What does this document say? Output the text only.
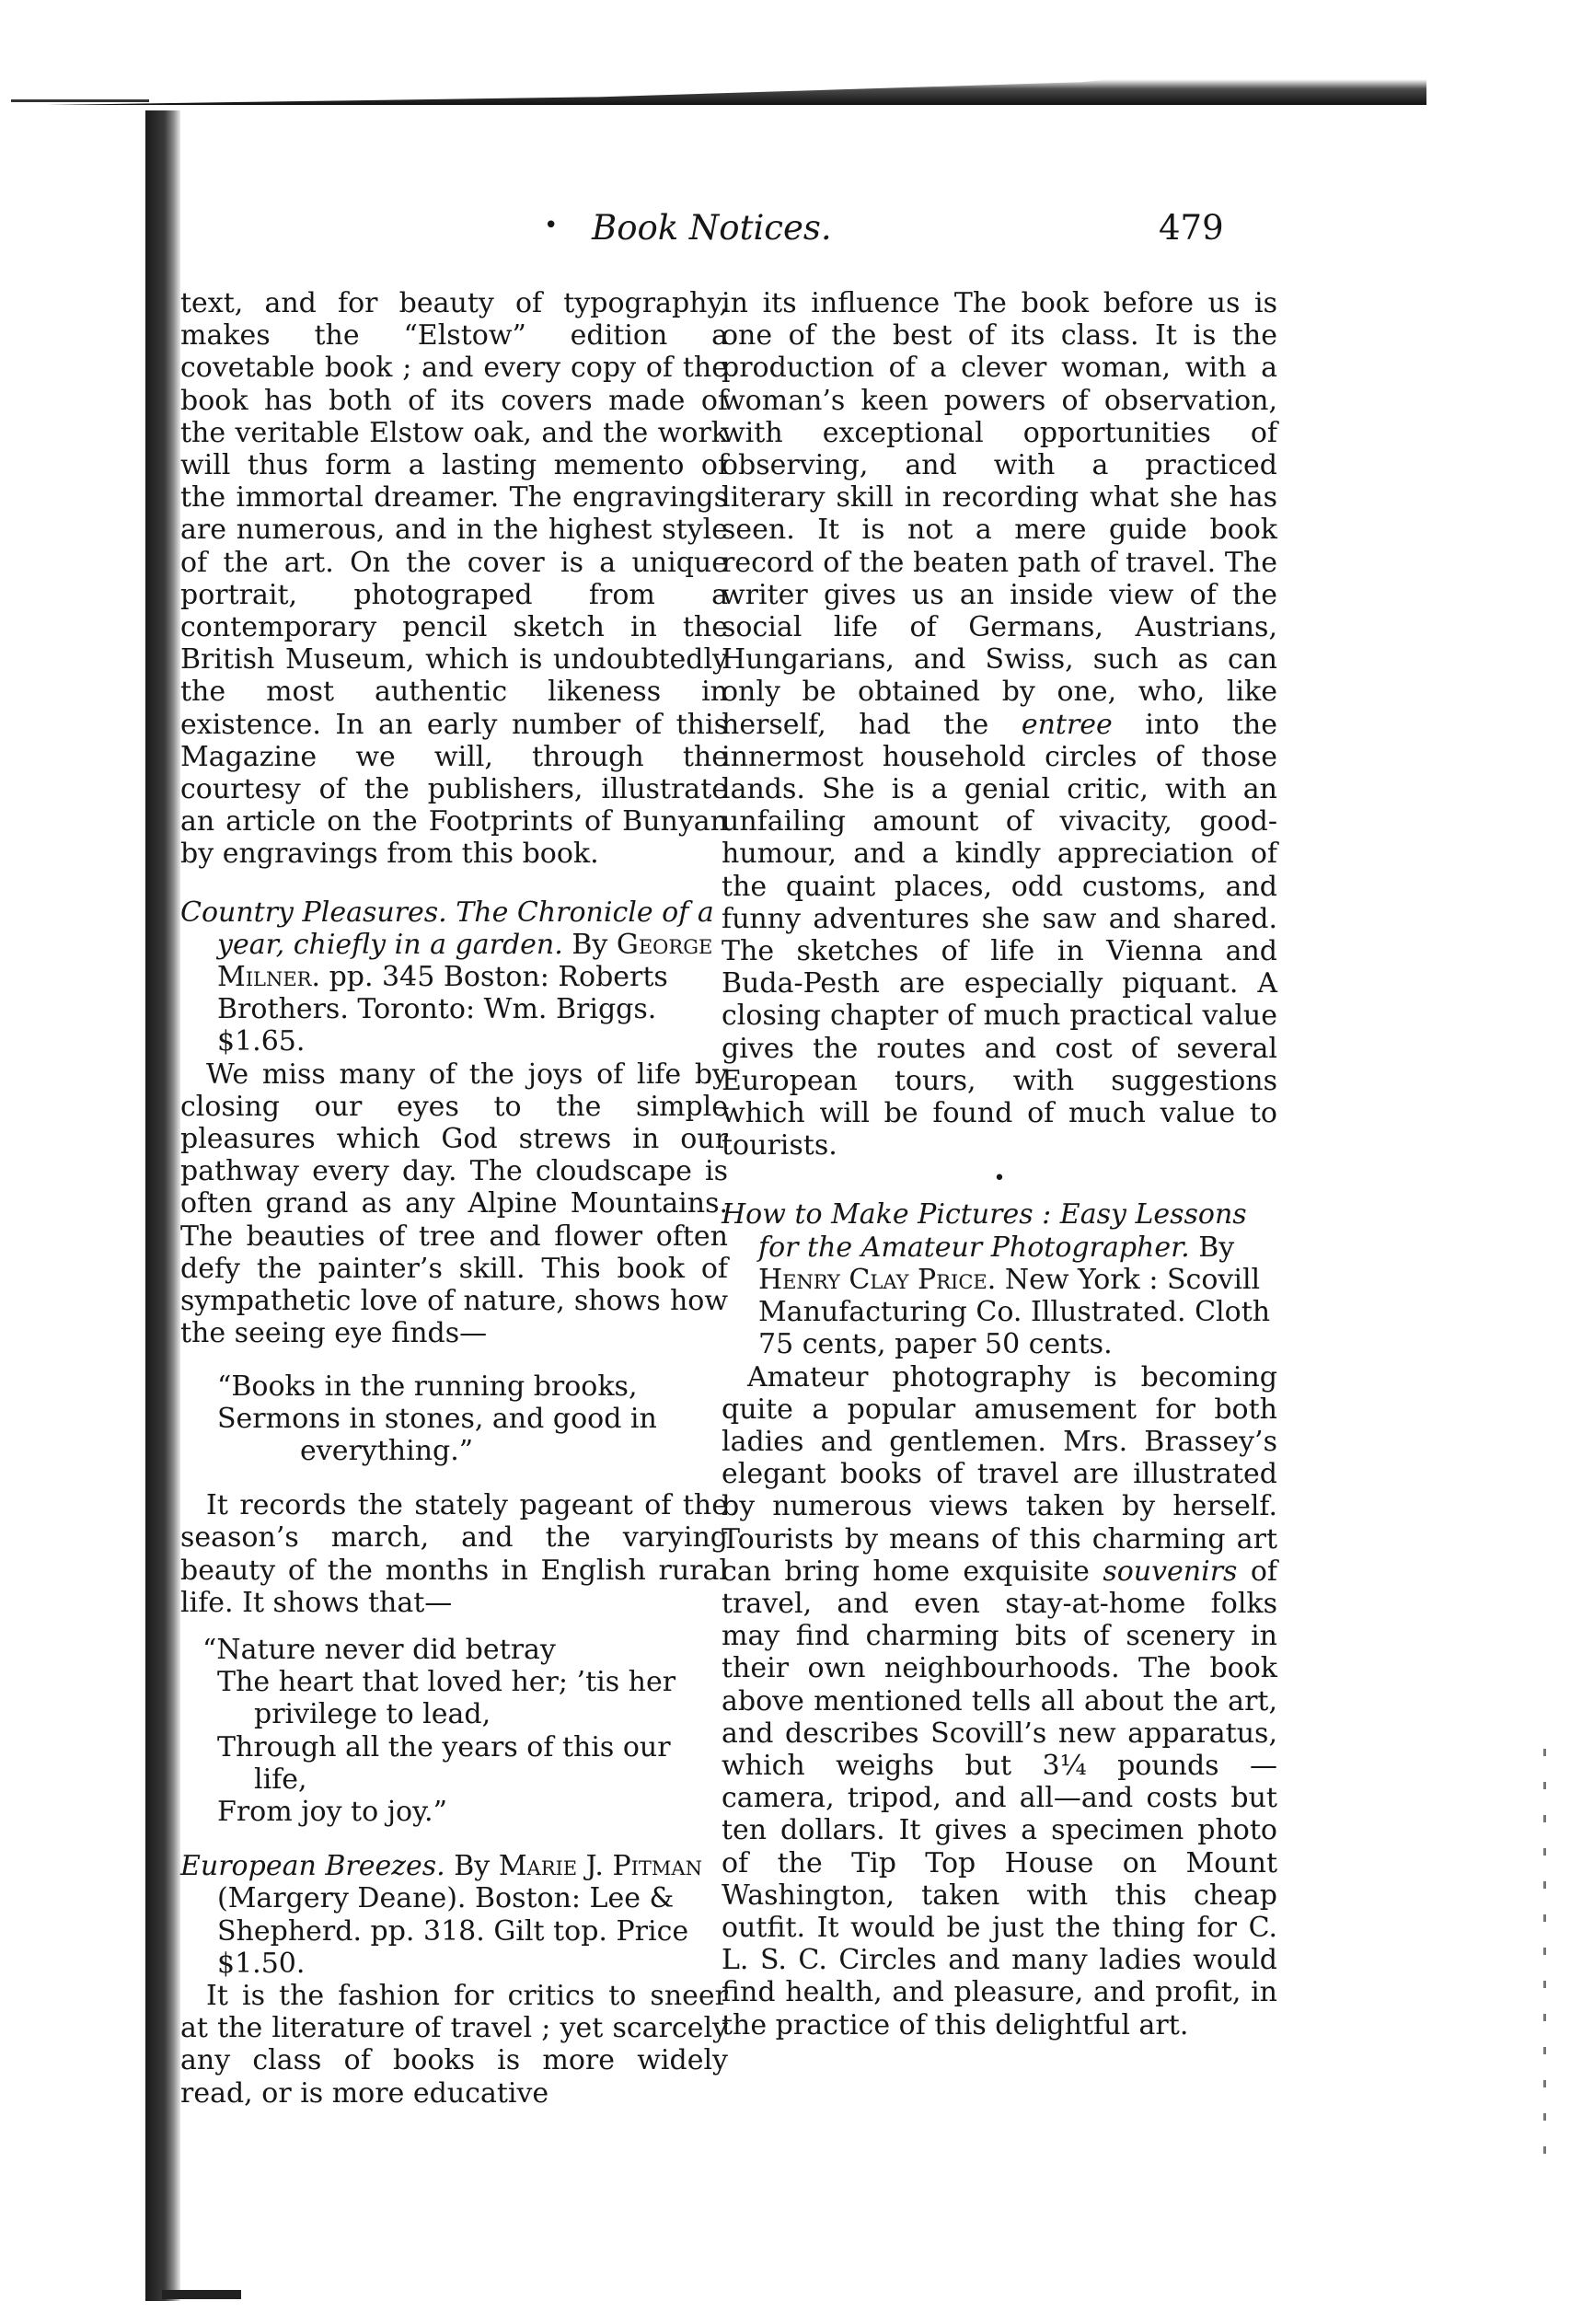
• Book Notices.	479

text, and for beauty of typography, makes the “Elstow” edition a covetable book ; and every copy of the book has both of its covers made of the veritable Elstow oak, and the work will thus form a lasting memento of the immortal dreamer. The engravings are numerous, and in the highest style of the art. On the cover is a unique portrait, photograped from a contemporary pencil sketch in the British Museum, which is undoubtedly the most authentic likeness in existence. In an early number of this Magazine we will, through the courtesy of the publishers, illustrate an article on the Footprints of Bunyan by engravings from this book.

Country Pleasures. The Chronicle of a year, chiefly in a garden. By George Milner. pp. 345 Boston: Roberts Brothers. Toronto: Wm. Briggs. $1.65.

We miss many of the joys of life by closing our eyes to the simple pleasures which God strews in our pathway every day. The cloudscape is often grand as any Alpine Mountains. The beauties of tree and flower often defy the painter’s skill. This book of sympathetic love of nature, shows how the seeing eye finds—

“Books in the running brooks,
Sermons in stones, and good in everything.”

It records the stately pageant of the season’s march, and the varying beauty of the months in English rural life. It shows that—

“Nature never did betray
The heart that loved her; ’tis her privilege to lead,
Through all the years of this our life,
From joy to joy.”

European Breezes. By Marie J. Pitman (Margery Deane). Boston: Lee & Shepherd. pp. 318. Gilt top. Price $1.50.

It is the fashion for critics to sneer at the literature of travel ; yet scarcely any class of books is more widely read, or is more educative

in its influence The book before us is one of the best of its class. It is the production of a clever woman, with a woman’s keen powers of observation, with exceptional opportunities of observing, and with a practiced literary skill in recording what she has seen. It is not a mere guide book record of the beaten path of travel. The writer gives us an inside view of the social life of Germans, Austrians, Hungarians, and Swiss, such as can only be obtained by one, who, like herself, had the entree into the innermost household circles of those lands. She is a genial critic, with an unfailing amount of vivacity, good-humour, and a kindly appreciation of the quaint places, odd customs, and funny adventures she saw and shared. The sketches of life in Vienna and Buda-Pesth are especially piquant. A closing chapter of much practical value gives the routes and cost of several European tours, with suggestions which will be found of much value to tourists.

•

How to Make Pictures : Easy Lessons for the Amateur Photographer. By Henry Clay Price. New York : Scovill Manufacturing Co. Illustrated. Cloth 75 cents, paper 50 cents.

Amateur photography is becoming quite a popular amusement for both ladies and gentlemen. Mrs. Brassey’s elegant books of travel are illustrated by numerous views taken by herself. Tourists by means of this charming art can bring home exquisite souvenirs of travel, and even stay-at-home folks may find charming bits of scenery in their own neighbourhoods. The book above mentioned tells all about the art, and describes Scovill’s new apparatus, which weighs but 3¼ pounds —camera, tripod, and all—and costs but ten dollars. It gives a specimen photo of the Tip Top House on Mount Washington, taken with this cheap outfit. It would be just the thing for C. L. S. C. Circles and many ladies would find health, and pleasure, and profit, in the practice of this delightful art.
